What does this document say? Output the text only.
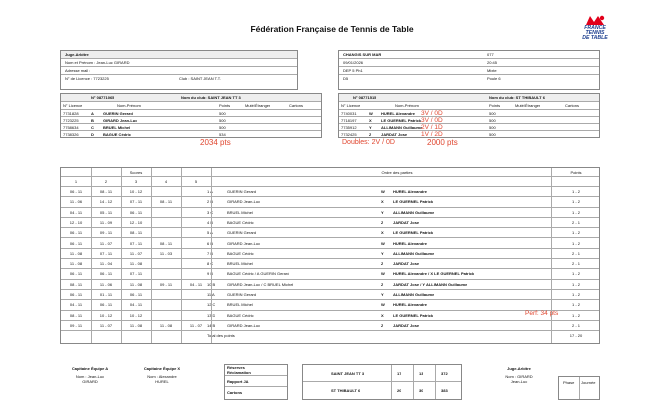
Fédération Française de Tennis de Table	FRANCE
TENNIS
DE TABLE
Juge-Arbitre
Nom et Prénom : Jean-Luc GIRARD
Adresse mail :
N° de Licence : 7723225	Club : SAINT JEAN T.T.
CHANGIS SUR MAR	077
09/01/2026	20:45
DEP 5 Ph1	Mixte
D5	Poule 6
N° 08771065	Nom du club: SAINT JEAN TT 3
N° Licence	Nom-Prénom	Points	Muté/Étranger	Cartons
7731828	A GUERIN Gerard	500
7723225	B GIRARD Jean-Luc	500
7758634	C BRUEL Michel	500
7738326	D BAGUE Cédric	534
2034 pts
N° 08771515	Nom du club: ST THIBAULT 6
N° Licence	Nom-Prénom	Points	Muté/Étranger	Cartons
7740031	W HUREL Alexandre	500
3V / 0D
7718197	X LE GUERNEL Patrick	500
3V / 0D
7735912	Y ALLIMANN Guillaume	500
2V / 1D
7732425	Z JARDAT Jose	500
1V / 2D
Doubles: 2V / 0D	2000 pts
Scores	Ordre des parties	Points
1	2	3	4	5
06 - 11	08 - 11	10 - 12	1 A	GUERIN Gerard	W HUREL Alexandre	1 - 2
11 - 06	14 - 12	07 - 11	08 - 11	2 B	GIRARD Jean-Luc	X LE GUERNEL Patrick	1 - 2
04 - 11	05 - 11	06 - 11	3 C	BRUEL Michel	Y ALLIMANN Guillaume	1 - 2
12 - 10	11 - 09	12 - 10	4 D	BAGUE Cédric	Z JARDAT Jose	2 - 1
06 - 11	09 - 11	08 - 11	5 A	GUERIN Gerard	X LE GUERNEL Patrick	1 - 2
06 - 11	11 - 07	07 - 11	08 - 11	6 B	GIRARD Jean-Luc	W HUREL Alexandre	1 - 2
11 - 08	07 - 11	11 - 07	11 - 03	7 D	BAGUE Cédric	Y ALLIMANN Guillaume	2 - 1
11 - 08	11 - 04	11 - 08	8 C	BRUEL Michel	Z JARDAT Jose	2 - 1
06 - 11	06 - 11	07 - 11	9 D	BAGUE Cédric / A GUERIN Gerard	W HUREL Alexandre / X LE GUERNEL Patrick	1 - 2
08 - 11	11 - 06	11 - 08	09 - 11	04 - 11	10 B	GIRARD Jean-Luc / C BRUEL Michel	Z JARDAT Jose / Y ALLIMANN Guillaume	1 - 2
06 - 11	01 - 11	06 - 11	11 A	GUERIN Gerard	Y ALLIMANN Guillaume	1 - 2
04 - 11	06 - 11	04 - 11	12 C	BRUEL Michel	W HUREL Alexandre	1 - 2
08 - 11	10 - 12	10 - 12	13 D	BAGUE Cédric	X LE GUERNEL Patrick	1 - 2
09 - 11	11 - 07	11 - 08	11 - 08	11 - 07	14 B	GIRARD Jean-Luc	Z JARDAT Jose	2 - 1
Total des points	17 - 20
Perf: 34 pts
Capitaine Équipe A
Nom : Jean-Luc
GIRARD
Capitaine Équipe X
Nom : Alexandre
HUREL
Réserves
Réclamation
Rapport JA
Cartons
SAINT JEAN TT 3	17	13	372
ST THIBAULT 6	20	30	383
Juge-Arbitre
Nom : GIRARD
Jean-Luc	Phase Journée
